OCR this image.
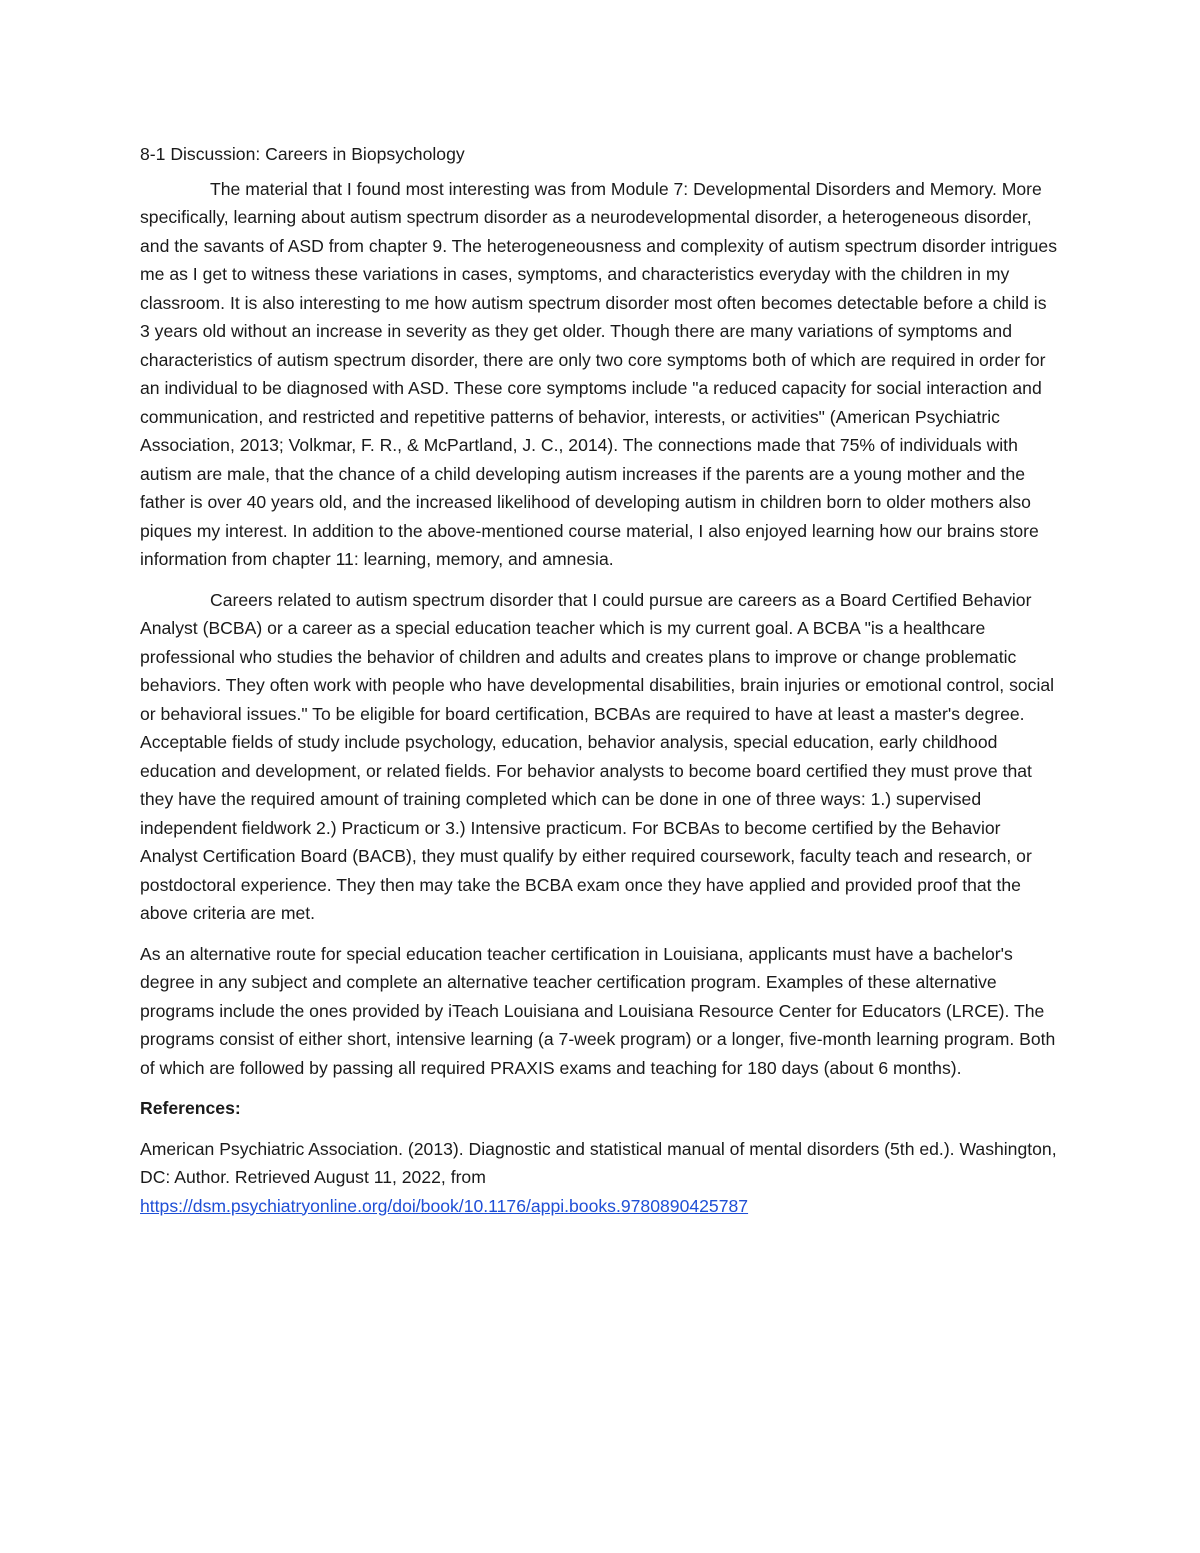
8-1 Discussion: Careers in Biopsychology

The material that I found most interesting was from Module 7: Developmental Disorders and Memory. More specifically, learning about autism spectrum disorder as a neurodevelopmental disorder, a heterogeneous disorder, and the savants of ASD from chapter 9. The heterogeneousness and complexity of autism spectrum disorder intrigues me as I get to witness these variations in cases, symptoms, and characteristics everyday with the children in my classroom. It is also interesting to me how autism spectrum disorder most often becomes detectable before a child is 3 years old without an increase in severity as they get older. Though there are many variations of symptoms and characteristics of autism spectrum disorder, there are only two core symptoms both of which are required in order for an individual to be diagnosed with ASD. These core symptoms include "a reduced capacity for social interaction and communication, and restricted and repetitive patterns of behavior, interests, or activities" (American Psychiatric Association, 2013; Volkmar, F. R., & McPartland, J. C., 2014). The connections made that 75% of individuals with autism are male, that the chance of a child developing autism increases if the parents are a young mother and the father is over 40 years old, and the increased likelihood of developing autism in children born to older mothers also piques my interest. In addition to the above-mentioned course material, I also enjoyed learning how our brains store information from chapter 11: learning, memory, and amnesia.

Careers related to autism spectrum disorder that I could pursue are careers as a Board Certified Behavior Analyst (BCBA) or a career as a special education teacher which is my current goal. A BCBA "is a healthcare professional who studies the behavior of children and adults and creates plans to improve or change problematic behaviors. They often work with people who have developmental disabilities, brain injuries or emotional control, social or behavioral issues." To be eligible for board certification, BCBAs are required to have at least a master's degree. Acceptable fields of study include psychology, education, behavior analysis, special education, early childhood education and development, or related fields. For behavior analysts to become board certified they must prove that they have the required amount of training completed which can be done in one of three ways: 1.) supervised independent fieldwork 2.) Practicum or 3.) Intensive practicum. For BCBAs to become certified by the Behavior Analyst Certification Board (BACB), they must qualify by either required coursework, faculty teach and research, or postdoctoral experience. They then may take the BCBA exam once they have applied and provided proof that the above criteria are met.

As an alternative route for special education teacher certification in Louisiana, applicants must have a bachelor's degree in any subject and complete an alternative teacher certification program. Examples of these alternative programs include the ones provided by iTeach Louisiana and Louisiana Resource Center for Educators (LRCE). The programs consist of either short, intensive learning (a 7-week program) or a longer, five-month learning program. Both of which are followed by passing all required PRAXIS exams and teaching for 180 days (about 6 months).

References:

American Psychiatric Association. (2013). Diagnostic and statistical manual of mental disorders (5th ed.). Washington, DC: Author. Retrieved August 11, 2022, from
https://dsm.psychiatryonline.org/doi/book/10.1176/appi.books.9780890425787
